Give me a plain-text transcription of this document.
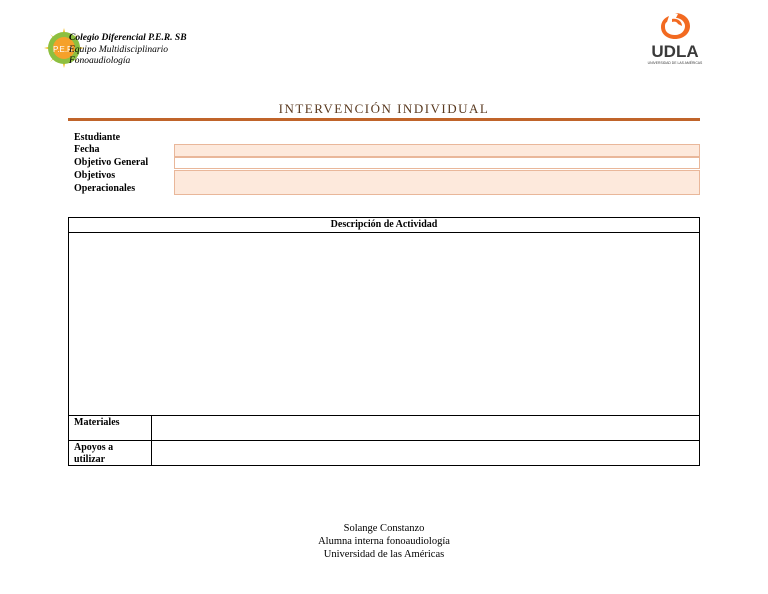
P.E.R.
Colegio Diferencial P.E.R. SB
Equipo Multidisciplinario
Fonoaudiología	UDLA
UNIVERSIDAD DE LAS AMÉRICAS
INTERVENCIÓN INDIVIDUAL
Estudiante
Fecha
Objetivo General
Objetivos
Operacionales
Descripción de Actividad
Materiales
Apoyos a
utilizar
Solange Constanzo
Alumna interna fonoaudiología
Universidad de las Américas
